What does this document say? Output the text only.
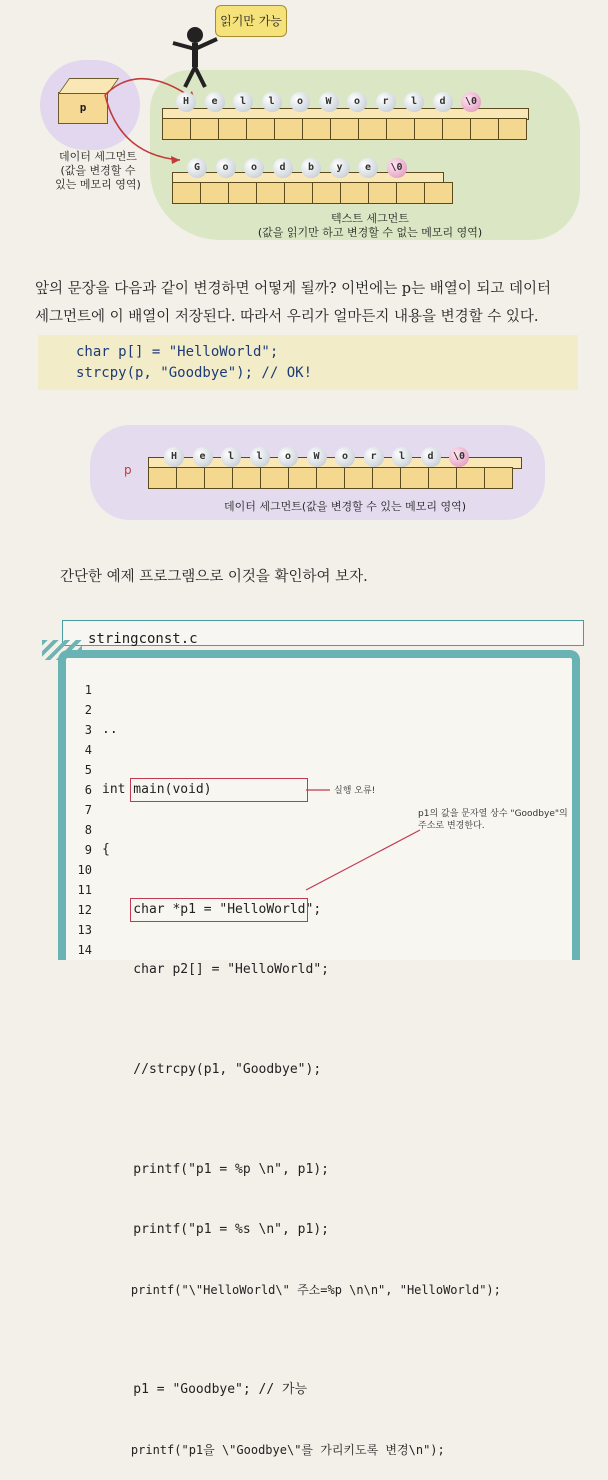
p
데이터 세그먼트
(값을 변경할 수
있는 메모리 영역)
읽기만 가능
H	e	l	l	o	W	o	r	l	d	\0
G	o	o	d	b	y	e	\0
텍스트 세그먼트
(값을 읽기만 하고 변경할 수 없는 메모리 영역)
앞의 문장을 다음과 같이 변경하면 어떻게 될까? 이번에는 p는 배열이 되고 데이터 세그먼트에 이 배열이 저장된다. 따라서 우리가 얼마든지 내용을 변경할 수 있다.
char p[] = "HelloWorld";
strcpy(p, "Goodbye"); // OK!
p
H	e	l	l	o	W	o	r	l	d	\0
데이터 세그먼트(값을 변경할 수 있는 메모리 영역)
간단한 예제 프로그램으로 이것을 확인하여 보자.
stringconst.c
1
2
3
4
5
6
7
8
9
10
11
12
13
14

..

int main(void)

{

char *p1 = "HelloWorld";

char p2[] = "HelloWorld";

//strcpy(p1, "Goodbye");

printf("p1 = %p \n", p1);

printf("p1 = %s \n", p1);

printf("\"HelloWorld\" 주소=%p \n\n", "HelloWorld");

p1 = "Goodbye"; // 가능

printf("p1을 \"Goodbye\"를 가리키도록 변경\n");

실행 오류!
p1의 값을 문자열 상수 "Goodbye"의
주소로 변경한다.
